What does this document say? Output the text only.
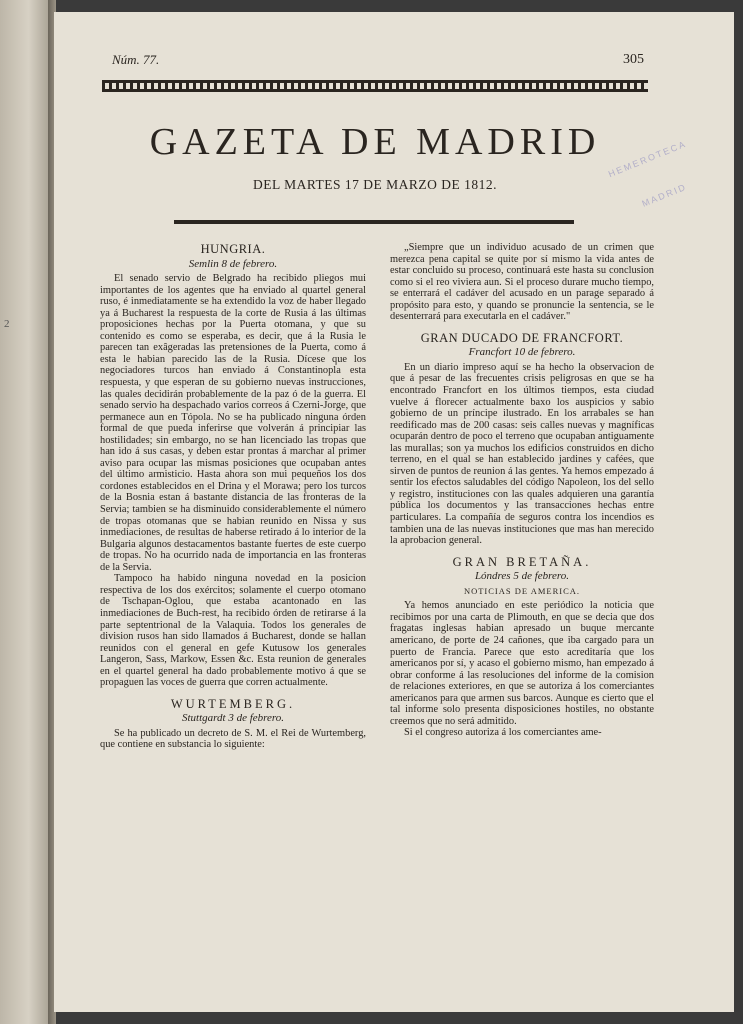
2
Núm. 77.	305
GAZETA DE MADRID
DEL MARTES 17 DE MARZO DE 1812.
HEMEROTECA
MADRID
HUNGRIA.
Semlin 8 de febrero.

El senado servio de Belgrado ha recibido pliegos mui importantes de los agentes que ha enviado al quartel general ruso, é inmediatamente se ha extendido la voz de haber llegado ya á Bucharest la respuesta de la corte de Rusia á las últimas proposiciones hechas por la Puerta otomana, y que su contenido es como se esperaba, es decir, que á la Rusia le parecen tan exâgeradas las pretensiones de la Puerta, como á esta le habian parecido las de la Rusia. Dícese que los negociadores turcos han enviado á Constantinopla esta respuesta, y que esperan de su gobierno nuevas instrucciones, las quales decidirán probablemente de la paz ó de la guerra. El senado servio ha despachado varios correos á Czerni-Jorge, que permanece aun en Tópola. No se ha publicado ninguna órden formal de que pueda inferirse que volverán á principiar las hostilidades; sin embargo, no se han licenciado las tropas que han ido á sus casas, y deben estar prontas á marchar al primer aviso para ocupar las mismas posiciones que ocupaban antes del último armisticio. Hasta ahora son mui pequeños los dos cordones establecidos en el Drina y el Morawa; pero los turcos de la Bosnia estan á bastante distancia de las fronteras de la Servia; tambien se ha disminuido considerablemente el número de tropas otomanas que se habian reunido en Nissa y sus inmediaciones, de resultas de haberse retirado á lo interior de la Bulgaria algunos destacamentos bastante fuertes de este cuerpo de tropas. No ha ocurrido nada de importancia en las fronteras de la Servia.

Tampoco ha habido ninguna novedad en la posicion respectiva de los dos exércitos; solamente el cuerpo otomano de Tschapan-Oglou, que estaba acantonado en las inmediaciones de Buch-rest, ha recibido órden de retirarse á la parte septentrional de la Valaquia. Todos los generales de division rusos han sido llamados á Bucharest, donde se hallan reunidos con el general en gefe Kutusow los generales Langeron, Sass, Markow, Essen &c. Esta reunion de generales en el quartel general ha dado probablemente motivo á que se propaguen las voces de guerra que corren actualmente.

WURTEMBERG.
Stuttgardt 3 de febrero.

Se ha publicado un decreto de S. M. el Rei de Wurtemberg, que contiene en substancia lo siguiente:

„Siempre que un individuo acusado de un crimen que merezca pena capital se quite por sí mismo la vida antes de estar concluido su proceso, continuará este hasta su conclusion como si el reo viviera aun. Si el proceso durare mucho tiempo, se enterrará el cadáver del acusado en un parage separado á propósito para esto, y quando se pronuncie la sentencia, se le desenterrará para executarla en el cadáver."

GRAN DUCADO DE FRANCFORT.
Francfort 10 de febrero.

En un diario impreso aquí se ha hecho la observacion de que á pesar de las frecuentes crisis peligrosas en que se ha encontrado Francfort en los últimos tiempos, esta ciudad vuelve á florecer actualmente baxo los auspicios y sabio gobierno de un príncipe ilustrado. En los arrabales se han reedificado mas de 200 casas: seis calles nuevas y magníficas ocuparán dentro de poco el terreno que ocupaban antiguamente las murallas; son ya muchos los edificios construidos en dicho terreno, en el qual se han establecido jardines y cafées, que sirven de puntos de reunion á las gentes. Ya hemos empezado á sentir los efectos saludables del código Napoleon, los del sello y registro, instituciones con las quales adquieren una garantía pública los documentos y las transacciones hechas entre particulares. La compañía de seguros contra los incendios es tambien una de las nuevas instituciones que mas han merecido la aprobacion general.

GRAN BRETAÑA.
Lóndres 5 de febrero.
NOTICIAS DE AMERICA.

Ya hemos anunciado en este periódico la noticia que recibimos por una carta de Plimouth, en que se decia que dos fragatas inglesas habian apresado un buque mercante americano, de porte de 24 cañones, que iba cargado para un puerto de Francia. Parece que esto acreditaría que los americanos por sí, y acaso el gobierno mismo, han empezado á obrar conforme á las resoluciones del informe de la comision de relaciones exteriores, en que se autoriza á los comerciantes americanos para que armen sus barcos. Aunque es cierto que el tal informe solo presenta disposiciones hostiles, no obstante creemos que no será admitido.

Si el congreso autoriza á los comerciantes ame-
